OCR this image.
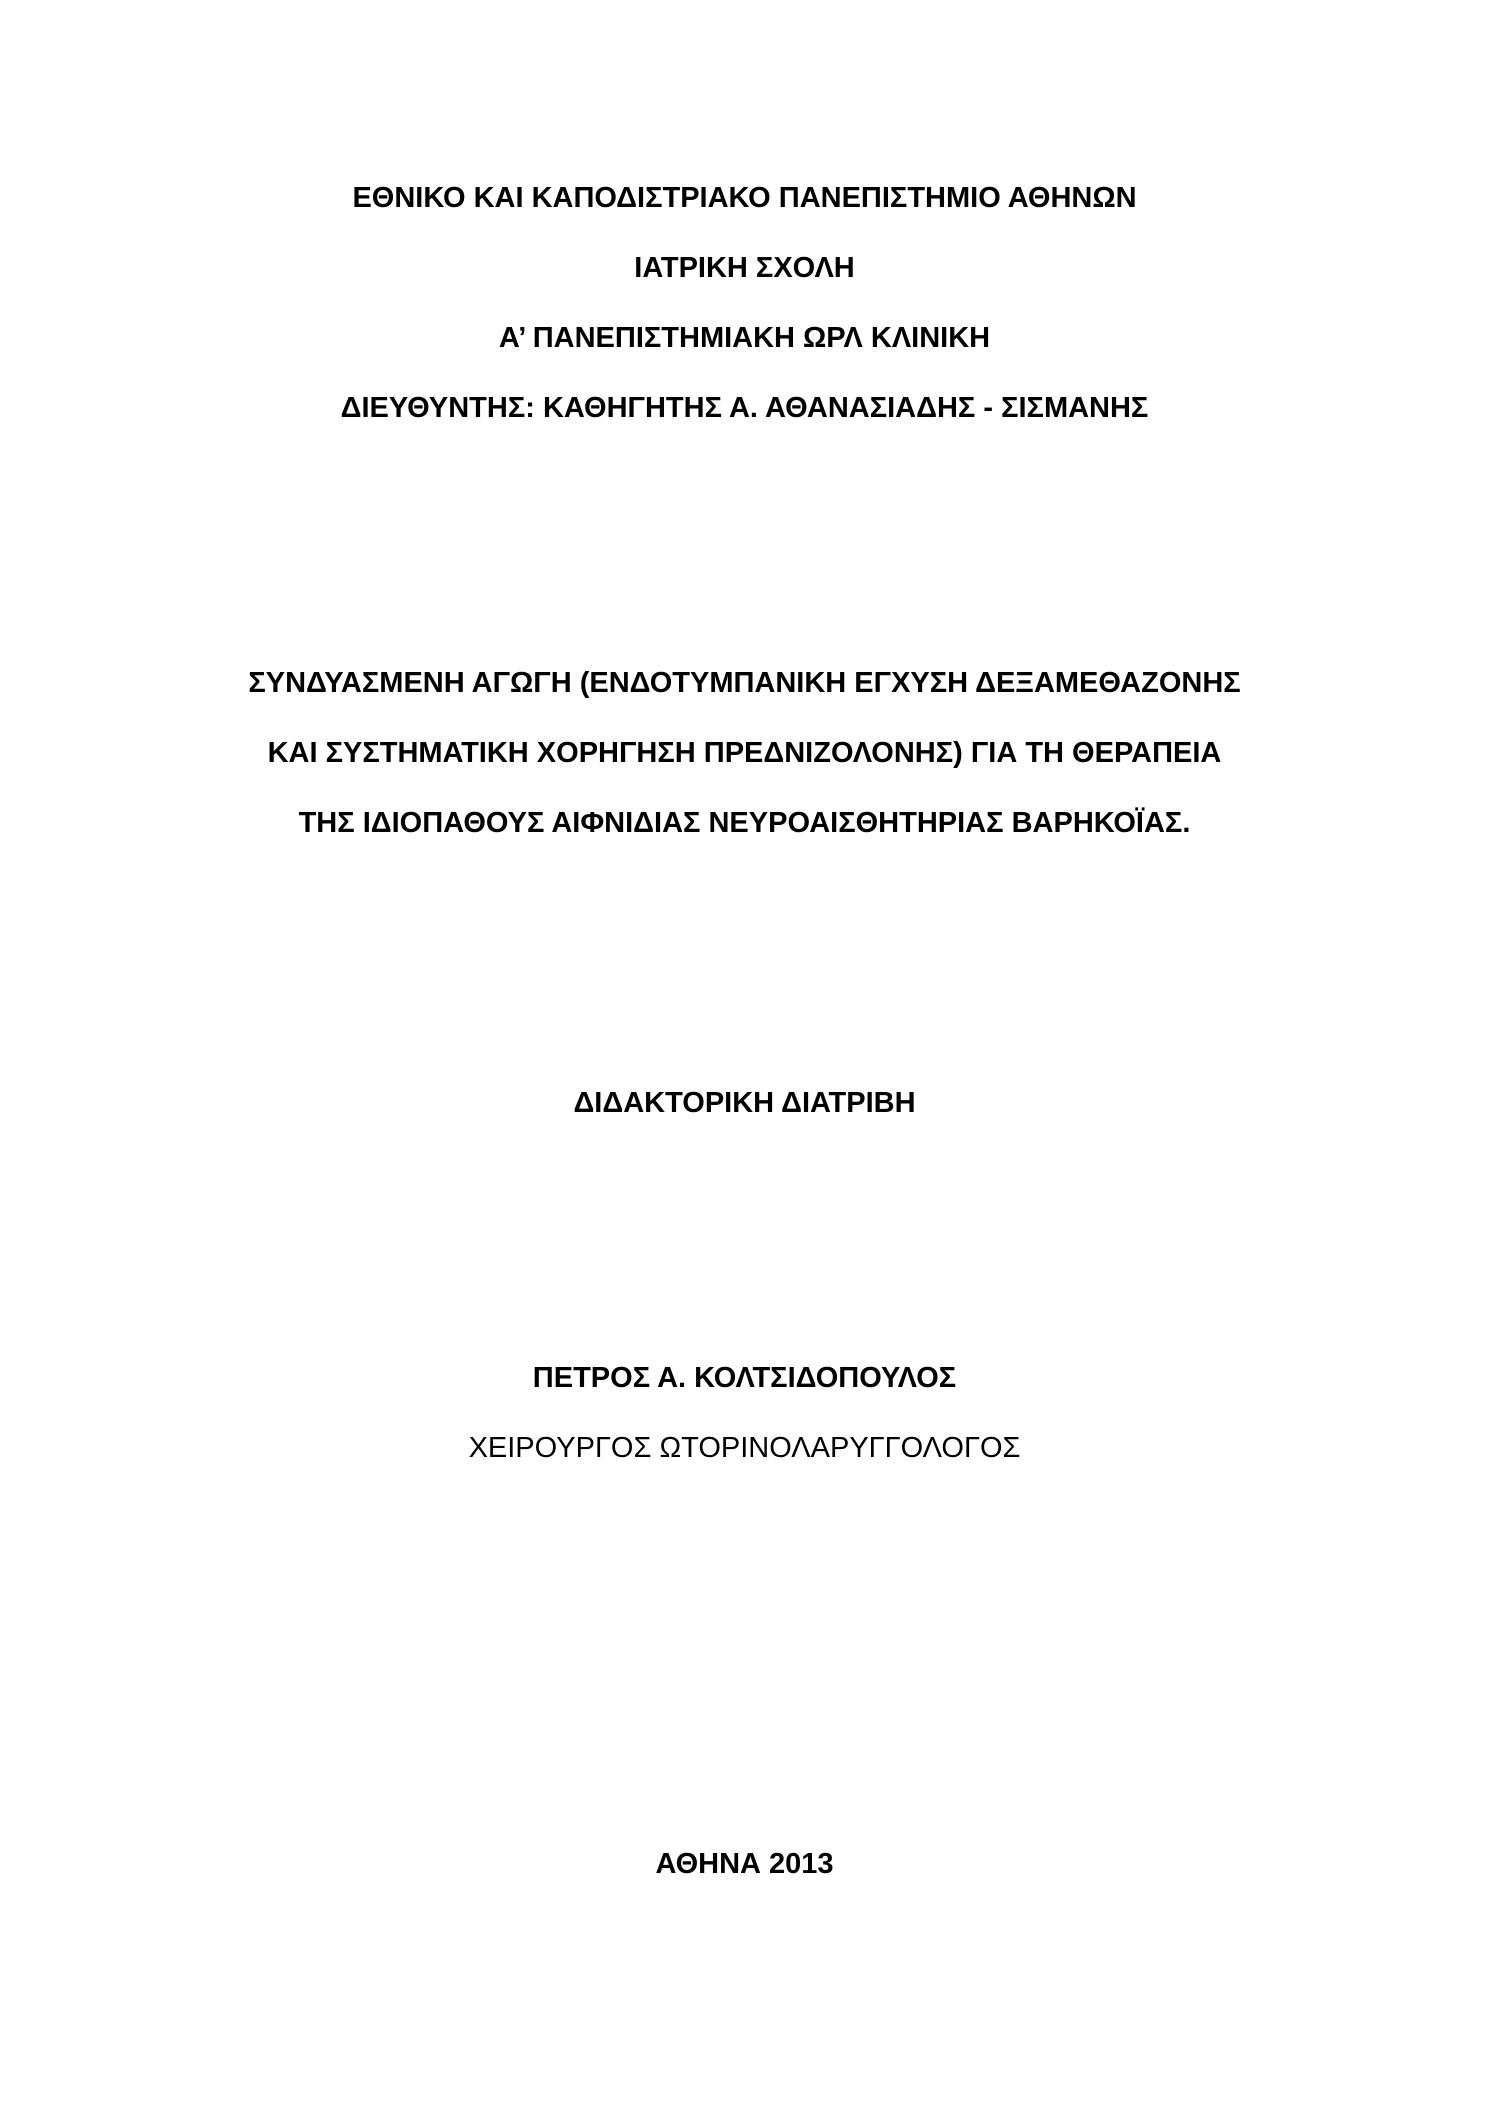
ΕΘΝΙΚΟ ΚΑΙ ΚΑΠΟΔΙΣΤΡΙΑΚΟ ΠΑΝΕΠΙΣΤΗΜΙΟ ΑΘΗΝΩΝ
ΙΑΤΡΙΚΗ ΣΧΟΛΗ
Α’ ΠΑΝΕΠΙΣΤΗΜΙΑΚΗ ΩΡΛ ΚΛΙΝΙΚΗ
ΔΙΕΥΘΥΝΤΗΣ: ΚΑΘΗΓΗΤΗΣ Α. ΑΘΑΝΑΣΙΑΔΗΣ - ΣΙΣΜΑΝΗΣ
ΣΥΝΔΥΑΣΜΕΝΗ ΑΓΩΓΗ (ΕΝΔΟΤΥΜΠΑΝΙΚΗ ΕΓΧΥΣΗ ΔΕΞΑΜΕΘΑΖΟΝΗΣ
ΚΑΙ ΣΥΣΤΗΜΑΤΙΚΗ ΧΟΡΗΓΗΣΗ ΠΡΕΔΝΙΖΟΛΟΝΗΣ) ΓΙΑ ΤΗ ΘΕΡΑΠΕΙΑ
ΤΗΣ ΙΔΙΟΠΑΘΟΥΣ ΑΙΦΝΙΔΙΑΣ ΝΕΥΡΟΑΙΣΘΗΤΗΡΙΑΣ ΒΑΡΗΚΟΪΑΣ.
ΔΙΔΑΚΤΟΡΙΚΗ ΔΙΑΤΡΙΒΗ
ΠΕΤΡΟΣ Α. ΚΟΛΤΣΙΔΟΠΟΥΛΟΣ
ΧΕΙΡΟΥΡΓΟΣ ΩΤΟΡΙΝΟΛΑΡΥΓΓΟΛΟΓΟΣ
ΑΘΗΝΑ 2013
